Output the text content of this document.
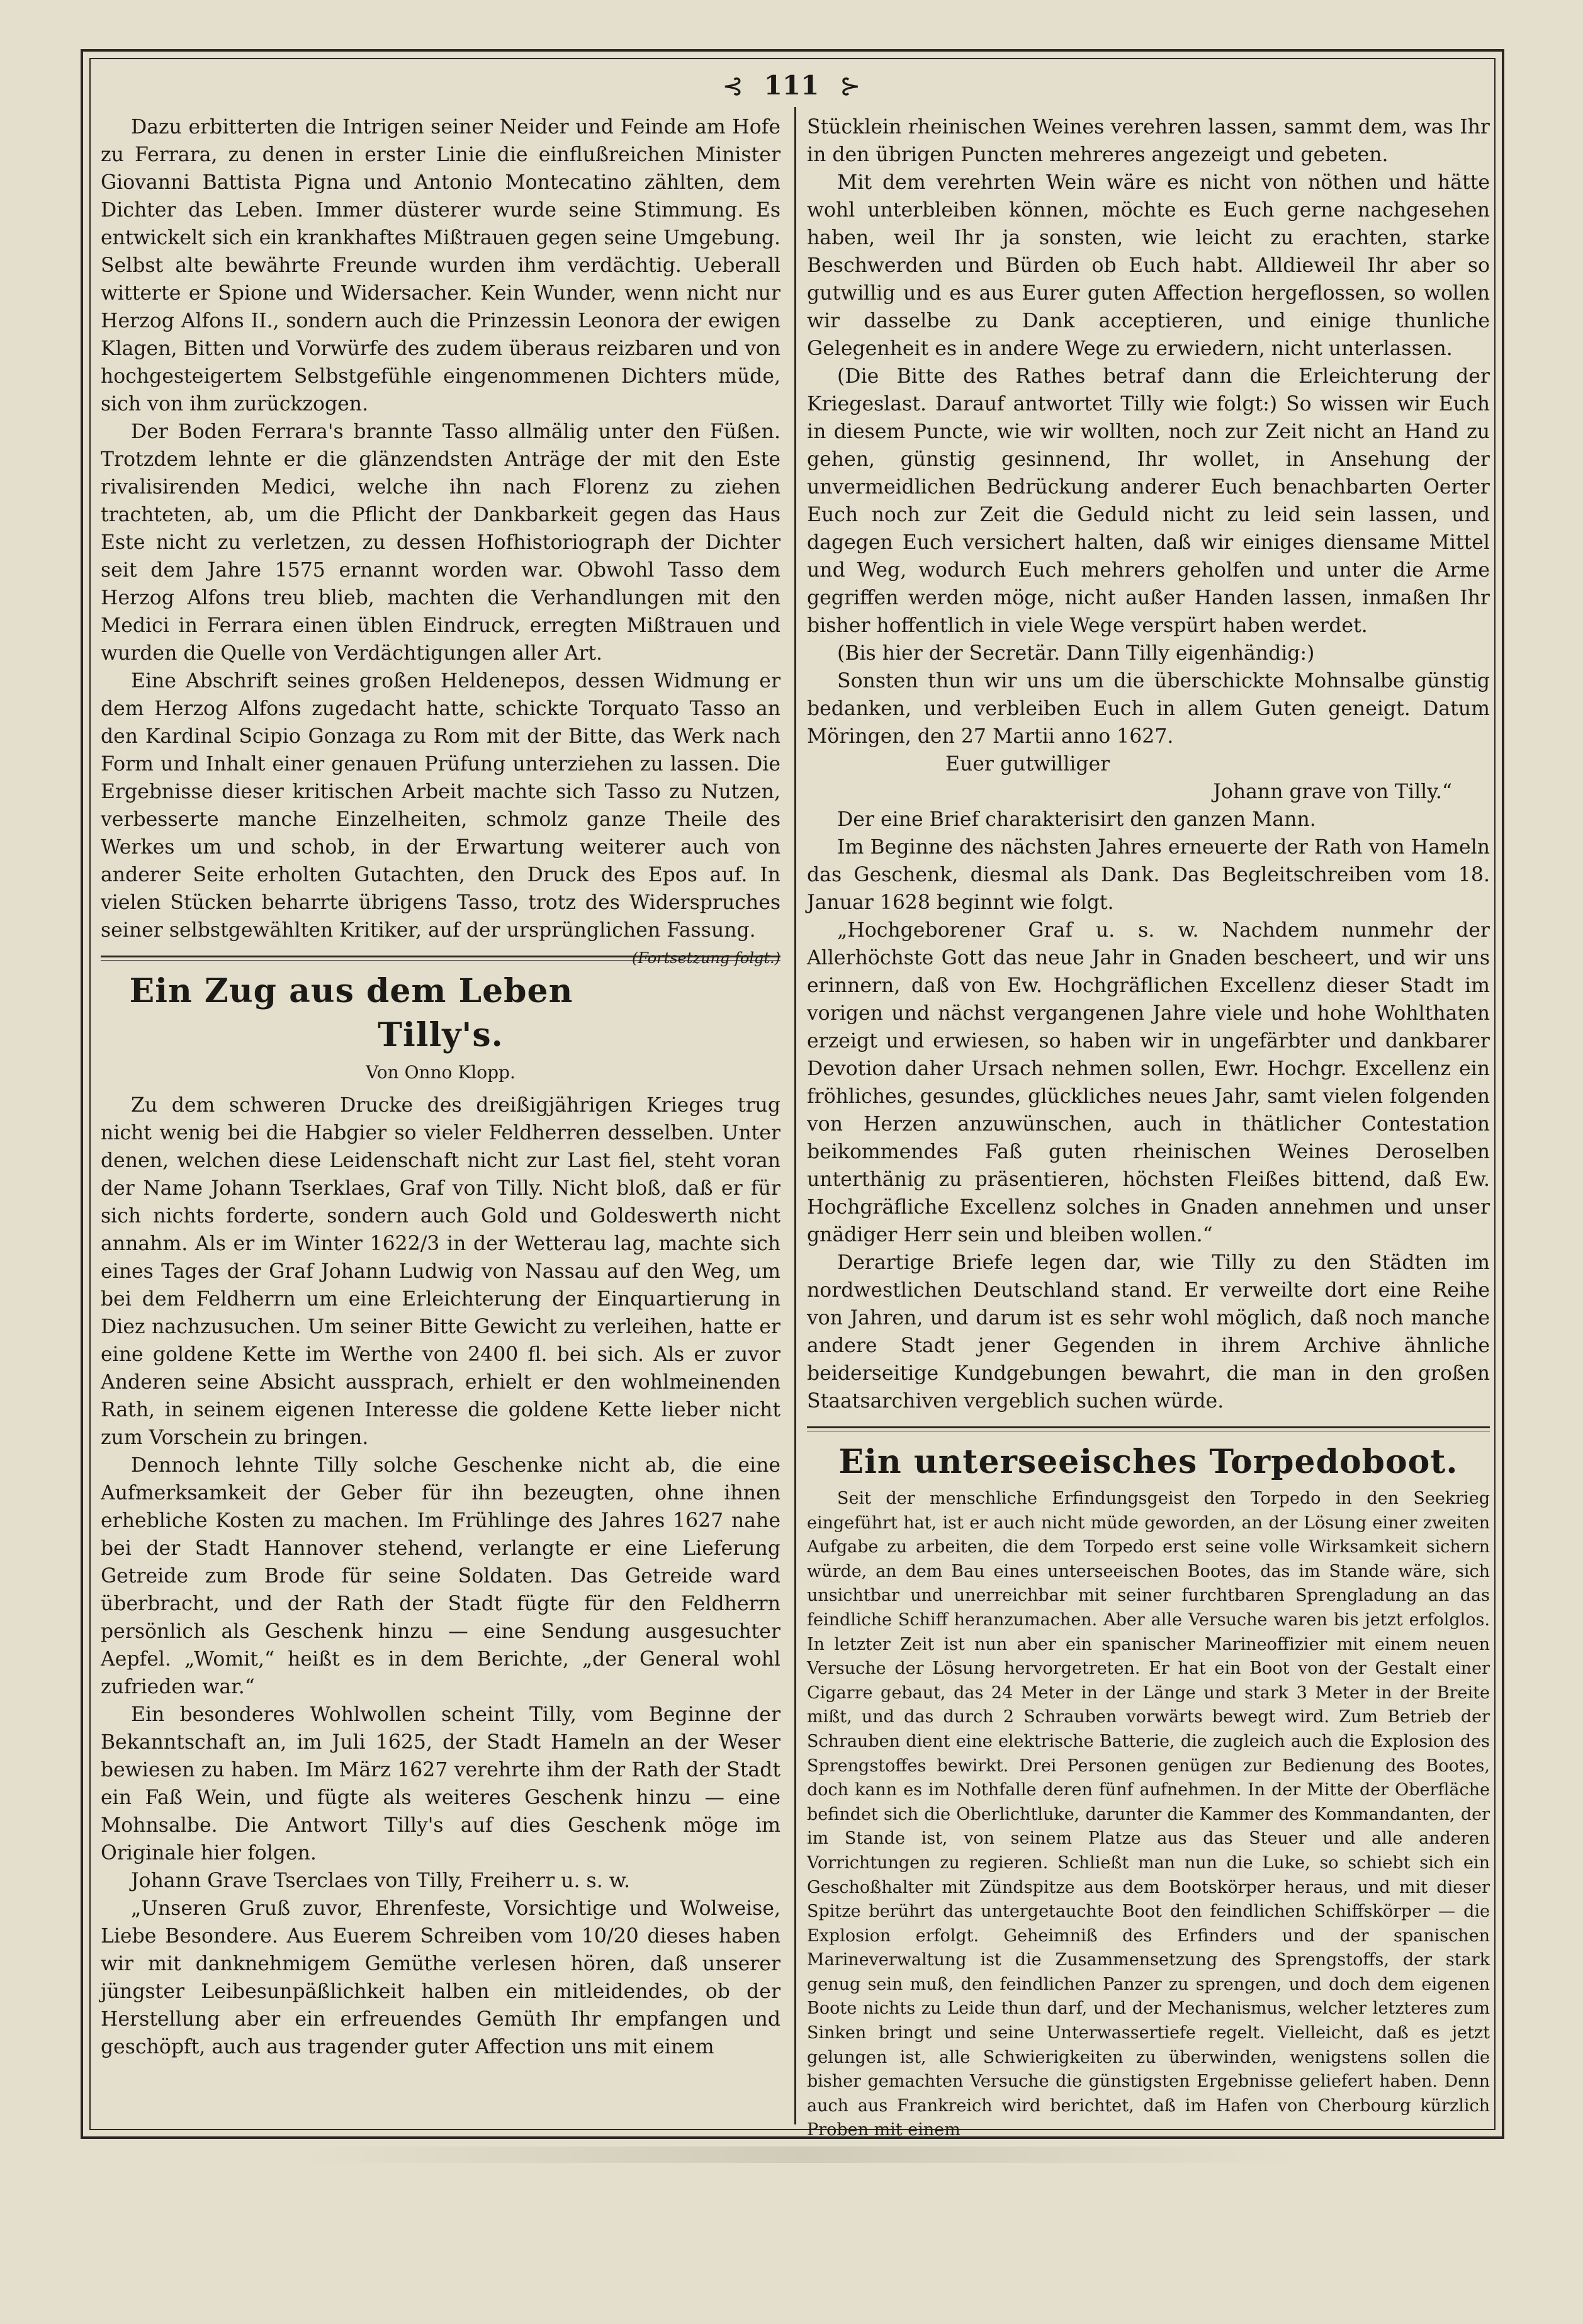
⊰ 111 ⊱

Dazu erbitterten die Intrigen seiner Neider und Feinde am Hofe zu Ferrara, zu denen in erster Linie die einflußreichen Minister Giovanni Battista Pigna und Antonio Montecatino zählten, dem Dichter das Leben. Immer düsterer wurde seine Stimmung. Es entwickelt sich ein krankhaftes Mißtrauen gegen seine Umgebung. Selbst alte bewährte Freunde wurden ihm verdächtig. Ueberall witterte er Spione und Widersacher. Kein Wunder, wenn nicht nur Herzog Alfons II., sondern auch die Prinzessin Leonora der ewigen Klagen, Bitten und Vorwürfe des zudem überaus reizbaren und von hochgesteigertem Selbstgefühle eingenommenen Dichters müde, sich von ihm zurückzogen.

Der Boden Ferrara's brannte Tasso allmälig unter den Füßen. Trotzdem lehnte er die glänzendsten Anträge der mit den Este rivalisirenden Medici, welche ihn nach Florenz zu ziehen trachteten, ab, um die Pflicht der Dankbarkeit gegen das Haus Este nicht zu verletzen, zu dessen Hofhistoriograph der Dichter seit dem Jahre 1575 ernannt worden war. Obwohl Tasso dem Herzog Alfons treu blieb, machten die Verhandlungen mit den Medici in Ferrara einen üblen Eindruck, erregten Mißtrauen und wurden die Quelle von Verdächtigungen aller Art.

Eine Abschrift seines großen Heldenepos, dessen Widmung er dem Herzog Alfons zugedacht hatte, schickte Torquato Tasso an den Kardinal Scipio Gonzaga zu Rom mit der Bitte, das Werk nach Form und Inhalt einer genauen Prüfung unterziehen zu lassen. Die Ergebnisse dieser kritischen Arbeit machte sich Tasso zu Nutzen, verbesserte manche Einzelheiten, schmolz ganze Theile des Werkes um und schob, in der Erwartung weiterer auch von anderer Seite erholten Gutachten, den Druck des Epos auf. In vielen Stücken beharrte übrigens Tasso, trotz des Widerspruches seiner selbstgewählten Kritiker, auf der ursprünglichen Fassung.
(Fortsetzung folgt.)

Ein Zug aus dem Leben Tilly's.
Von Onno Klopp.

Zu dem schweren Drucke des dreißigjährigen Krieges trug nicht wenig bei die Habgier so vieler Feldherren desselben. Unter denen, welchen diese Leidenschaft nicht zur Last fiel, steht voran der Name Johann Tserklaes, Graf von Tilly. Nicht bloß, daß er für sich nichts forderte, sondern auch Gold und Goldeswerth nicht annahm. Als er im Winter 1622/3 in der Wetterau lag, machte sich eines Tages der Graf Johann Ludwig von Nassau auf den Weg, um bei dem Feldherrn um eine Erleichterung der Einquartierung in Diez nachzusuchen. Um seiner Bitte Gewicht zu verleihen, hatte er eine goldene Kette im Werthe von 2400 fl. bei sich. Als er zuvor Anderen seine Absicht aussprach, erhielt er den wohlmeinenden Rath, in seinem eigenen Interesse die goldene Kette lieber nicht zum Vorschein zu bringen.

Dennoch lehnte Tilly solche Geschenke nicht ab, die eine Aufmerksamkeit der Geber für ihn bezeugten, ohne ihnen erhebliche Kosten zu machen. Im Frühlinge des Jahres 1627 nahe bei der Stadt Hannover stehend, verlangte er eine Lieferung Getreide zum Brode für seine Soldaten. Das Getreide ward überbracht, und der Rath der Stadt fügte für den Feldherrn persönlich als Geschenk hinzu — eine Sendung ausgesuchter Aepfel. „Womit,“ heißt es in dem Berichte, „der General wohl zufrieden war.“

Ein besonderes Wohlwollen scheint Tilly, vom Beginne der Bekanntschaft an, im Juli 1625, der Stadt Hameln an der Weser bewiesen zu haben. Im März 1627 verehrte ihm der Rath der Stadt ein Faß Wein, und fügte als weiteres Geschenk hinzu — eine Mohnsalbe. Die Antwort Tilly's auf dies Geschenk möge im Originale hier folgen.

Johann Grave Tserclaes von Tilly, Freiherr u. s. w.

„Unseren Gruß zuvor, Ehrenfeste, Vorsichtige und Wolweise, Liebe Besondere. Aus Euerem Schreiben vom 10/20 dieses haben wir mit danknehmigem Gemüthe verlesen hören, daß unserer jüngster Leibesunpäßlichkeit halben ein mitleidendes, ob der Herstellung aber ein erfreuendes Gemüth Ihr empfangen und geschöpft, auch aus tragender guter Affection uns mit einem

Stücklein rheinischen Weines verehren lassen, sammt dem, was Ihr in den übrigen Puncten mehreres angezeigt und gebeten.

Mit dem verehrten Wein wäre es nicht von nöthen und hätte wohl unterbleiben können, möchte es Euch gerne nachgesehen haben, weil Ihr ja sonsten, wie leicht zu erachten, starke Beschwerden und Bürden ob Euch habt. Alldieweil Ihr aber so gutwillig und es aus Eurer guten Affection hergeflossen, so wollen wir dasselbe zu Dank acceptieren, und einige thunliche Gelegenheit es in andere Wege zu erwiedern, nicht unterlassen.

(Die Bitte des Rathes betraf dann die Erleichterung der Kriegeslast. Darauf antwortet Tilly wie folgt:) So wissen wir Euch in diesem Puncte, wie wir wollten, noch zur Zeit nicht an Hand zu gehen, günstig gesinnend, Ihr wollet, in Ansehung der unvermeidlichen Bedrückung anderer Euch benachbarten Oerter Euch noch zur Zeit die Geduld nicht zu leid sein lassen, und dagegen Euch versichert halten, daß wir einiges diensame Mittel und Weg, wodurch Euch mehrers geholfen und unter die Arme gegriffen werden möge, nicht außer Handen lassen, inmaßen Ihr bisher hoffentlich in viele Wege verspürt haben werdet.

(Bis hier der Secretär. Dann Tilly eigenhändig:)

Sonsten thun wir uns um die überschickte Mohnsalbe günstig bedanken, und verbleiben Euch in allem Guten geneigt. Datum Möringen, den 27 Martii anno 1627.

Euer gutwilliger

Johann grave von Tilly.“

Der eine Brief charakterisirt den ganzen Mann.

Im Beginne des nächsten Jahres erneuerte der Rath von Hameln das Geschenk, diesmal als Dank. Das Begleitschreiben vom 18. Januar 1628 beginnt wie folgt.

„Hochgeborener Graf u. s. w. Nachdem nunmehr der Allerhöchste Gott das neue Jahr in Gnaden bescheert, und wir uns erinnern, daß von Ew. Hochgräflichen Excellenz dieser Stadt im vorigen und nächst vergangenen Jahre viele und hohe Wohlthaten erzeigt und erwiesen, so haben wir in ungefärbter und dankbarer Devotion daher Ursach nehmen sollen, Ewr. Hochgr. Excellenz ein fröhliches, gesundes, glückliches neues Jahr, samt vielen folgenden von Herzen anzuwünschen, auch in thätlicher Contestation beikommendes Faß guten rheinischen Weines Deroselben unterthänig zu präsentieren, höchsten Fleißes bittend, daß Ew. Hochgräfliche Excellenz solches in Gnaden annehmen und unser gnädiger Herr sein und bleiben wollen.“

Derartige Briefe legen dar, wie Tilly zu den Städten im nordwestlichen Deutschland stand. Er verweilte dort eine Reihe von Jahren, und darum ist es sehr wohl möglich, daß noch manche andere Stadt jener Gegenden in ihrem Archive ähnliche beiderseitige Kundgebungen bewahrt, die man in den großen Staatsarchiven vergeblich suchen würde.

Ein unterseeisches Torpedoboot.

Seit der menschliche Erfindungsgeist den Torpedo in den Seekrieg eingeführt hat, ist er auch nicht müde geworden, an der Lösung einer zweiten Aufgabe zu arbeiten, die dem Torpedo erst seine volle Wirksamkeit sichern würde, an dem Bau eines unterseeischen Bootes, das im Stande wäre, sich unsichtbar und unerreichbar mit seiner furchtbaren Sprengladung an das feindliche Schiff heranzumachen. Aber alle Versuche waren bis jetzt erfolglos. In letzter Zeit ist nun aber ein spanischer Marineoffizier mit einem neuen Versuche der Lösung hervorgetreten. Er hat ein Boot von der Gestalt einer Cigarre gebaut, das 24 Meter in der Länge und stark 3 Meter in der Breite mißt, und das durch 2 Schrauben vorwärts bewegt wird. Zum Betrieb der Schrauben dient eine elektrische Batterie, die zugleich auch die Explosion des Sprengstoffes bewirkt. Drei Personen genügen zur Bedienung des Bootes, doch kann es im Nothfalle deren fünf aufnehmen. In der Mitte der Oberfläche befindet sich die Oberlichtluke, darunter die Kammer des Kommandanten, der im Stande ist, von seinem Platze aus das Steuer und alle anderen Vorrichtungen zu regieren. Schließt man nun die Luke, so schiebt sich ein Geschoßhalter mit Zündspitze aus dem Bootskörper heraus, und mit dieser Spitze berührt das untergetauchte Boot den feindlichen Schiffskörper — die Explosion erfolgt. Geheimniß des Erfinders und der spanischen Marineverwaltung ist die Zusammensetzung des Sprengstoffs, der stark genug sein muß, den feindlichen Panzer zu sprengen, und doch dem eigenen Boote nichts zu Leide thun darf, und der Mechanismus, welcher letzteres zum Sinken bringt und seine Unterwassertiefe regelt. Vielleicht, daß es jetzt gelungen ist, alle Schwierigkeiten zu überwinden, wenigstens sollen die bisher gemachten Versuche die günstigsten Ergebnisse geliefert haben. Denn auch aus Frankreich wird berichtet, daß im Hafen von Cherbourg kürzlich Proben mit einem
